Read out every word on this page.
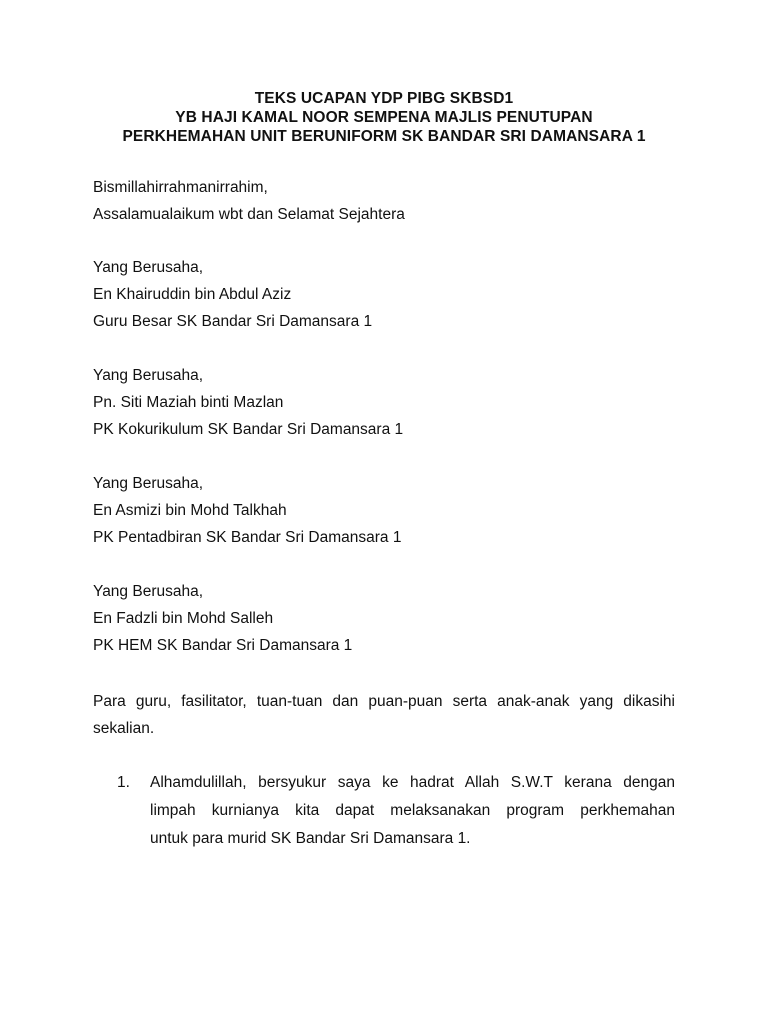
TEKS UCAPAN YDP PIBG SKBSD1
YB HAJI KAMAL NOOR SEMPENA MAJLIS PENUTUPAN
PERKHEMAHAN UNIT BERUNIFORM SK BANDAR SRI DAMANSARA 1
Bismillahirrahmanirrahim,
Assalamualaikum wbt dan Selamat Sejahtera
Yang Berusaha,
En Khairuddin bin Abdul Aziz
Guru Besar SK Bandar Sri Damansara 1
Yang Berusaha,
Pn. Siti Maziah binti Mazlan
PK Kokurikulum SK Bandar Sri Damansara 1
Yang Berusaha,
En Asmizi bin Mohd Talkhah
PK Pentadbiran SK Bandar Sri Damansara 1
Yang Berusaha,
En Fadzli bin Mohd Salleh
PK HEM SK Bandar Sri Damansara 1
Para guru, fasilitator, tuan-tuan dan puan-puan serta anak-anak yang dikasihi
sekalian.
1. Alhamdulillah, bersyukur saya ke hadrat Allah S.W.T kerana dengan
limpah kurnianya kita dapat melaksanakan program perkhemahan
untuk para murid SK Bandar Sri Damansara 1.
